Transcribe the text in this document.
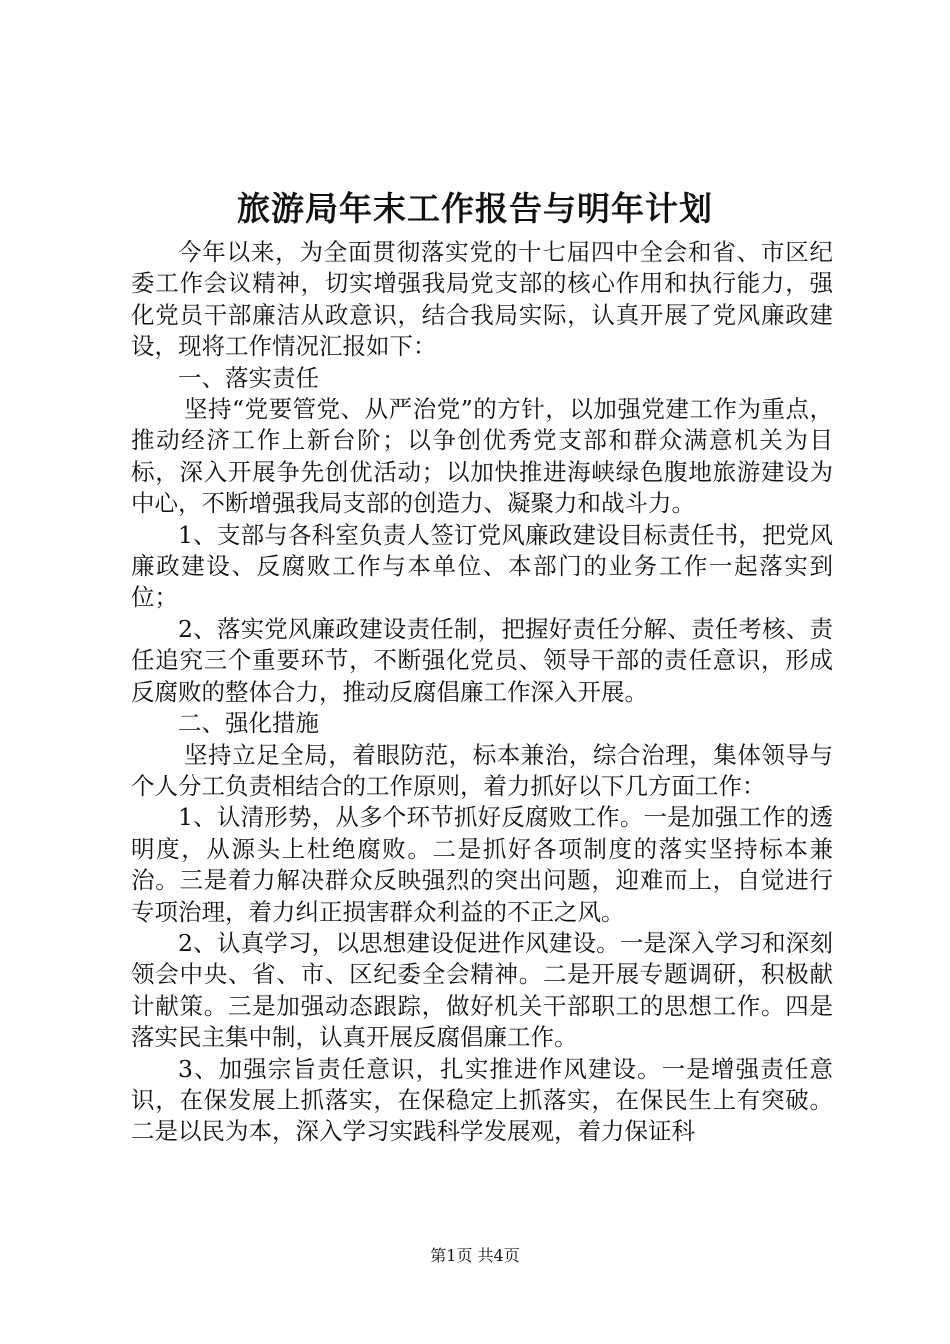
旅游局年末工作报告与明年计划

今年以来，为全面贯彻落实党的十七届四中全会和省、市区纪委工作会议精神，切实增强我局党支部的核心作用和执行能力，强化党员干部廉洁从政意识，结合我局实际，认真开展了党风廉政建设，现将工作情况汇报如下：

一、落实责任

坚持“党要管党、从严治党”的方针，以加强党建工作为重点，推动经济工作上新台阶；以争创优秀党支部和群众满意机关为目标，深入开展争先创优活动；以加快推进海峡绿色腹地旅游建设为中心，不断增强我局支部的创造力、凝聚力和战斗力。

1、支部与各科室负责人签订党风廉政建设目标责任书，把党风廉政建设、反腐败工作与本单位、本部门的业务工作一起落实到位；

2、落实党风廉政建设责任制，把握好责任分解、责任考核、责任追究三个重要环节，不断强化党员、领导干部的责任意识，形成反腐败的整体合力，推动反腐倡廉工作深入开展。

二、强化措施

坚持立足全局，着眼防范，标本兼治，综合治理，集体领导与个人分工负责相结合的工作原则，着力抓好以下几方面工作：

1、认清形势，从多个环节抓好反腐败工作。一是加强工作的透明度，从源头上杜绝腐败。二是抓好各项制度的落实坚持标本兼治。三是着力解决群众反映强烈的突出问题，迎难而上，自觉进行专项治理，着力纠正损害群众利益的不正之风。

2、认真学习，以思想建设促进作风建设。一是深入学习和深刻领会中央、省、市、区纪委全会精神。二是开展专题调研，积极献计献策。三是加强动态跟踪，做好机关干部职工的思想工作。四是落实民主集中制，认真开展反腐倡廉工作。

3、加强宗旨责任意识，扎实推进作风建设。一是增强责任意识，在保发展上抓落实，在保稳定上抓落实，在保民生上有突破。二是以民为本，深入学习实践科学发展观，着力保证科

第1页 共4页
